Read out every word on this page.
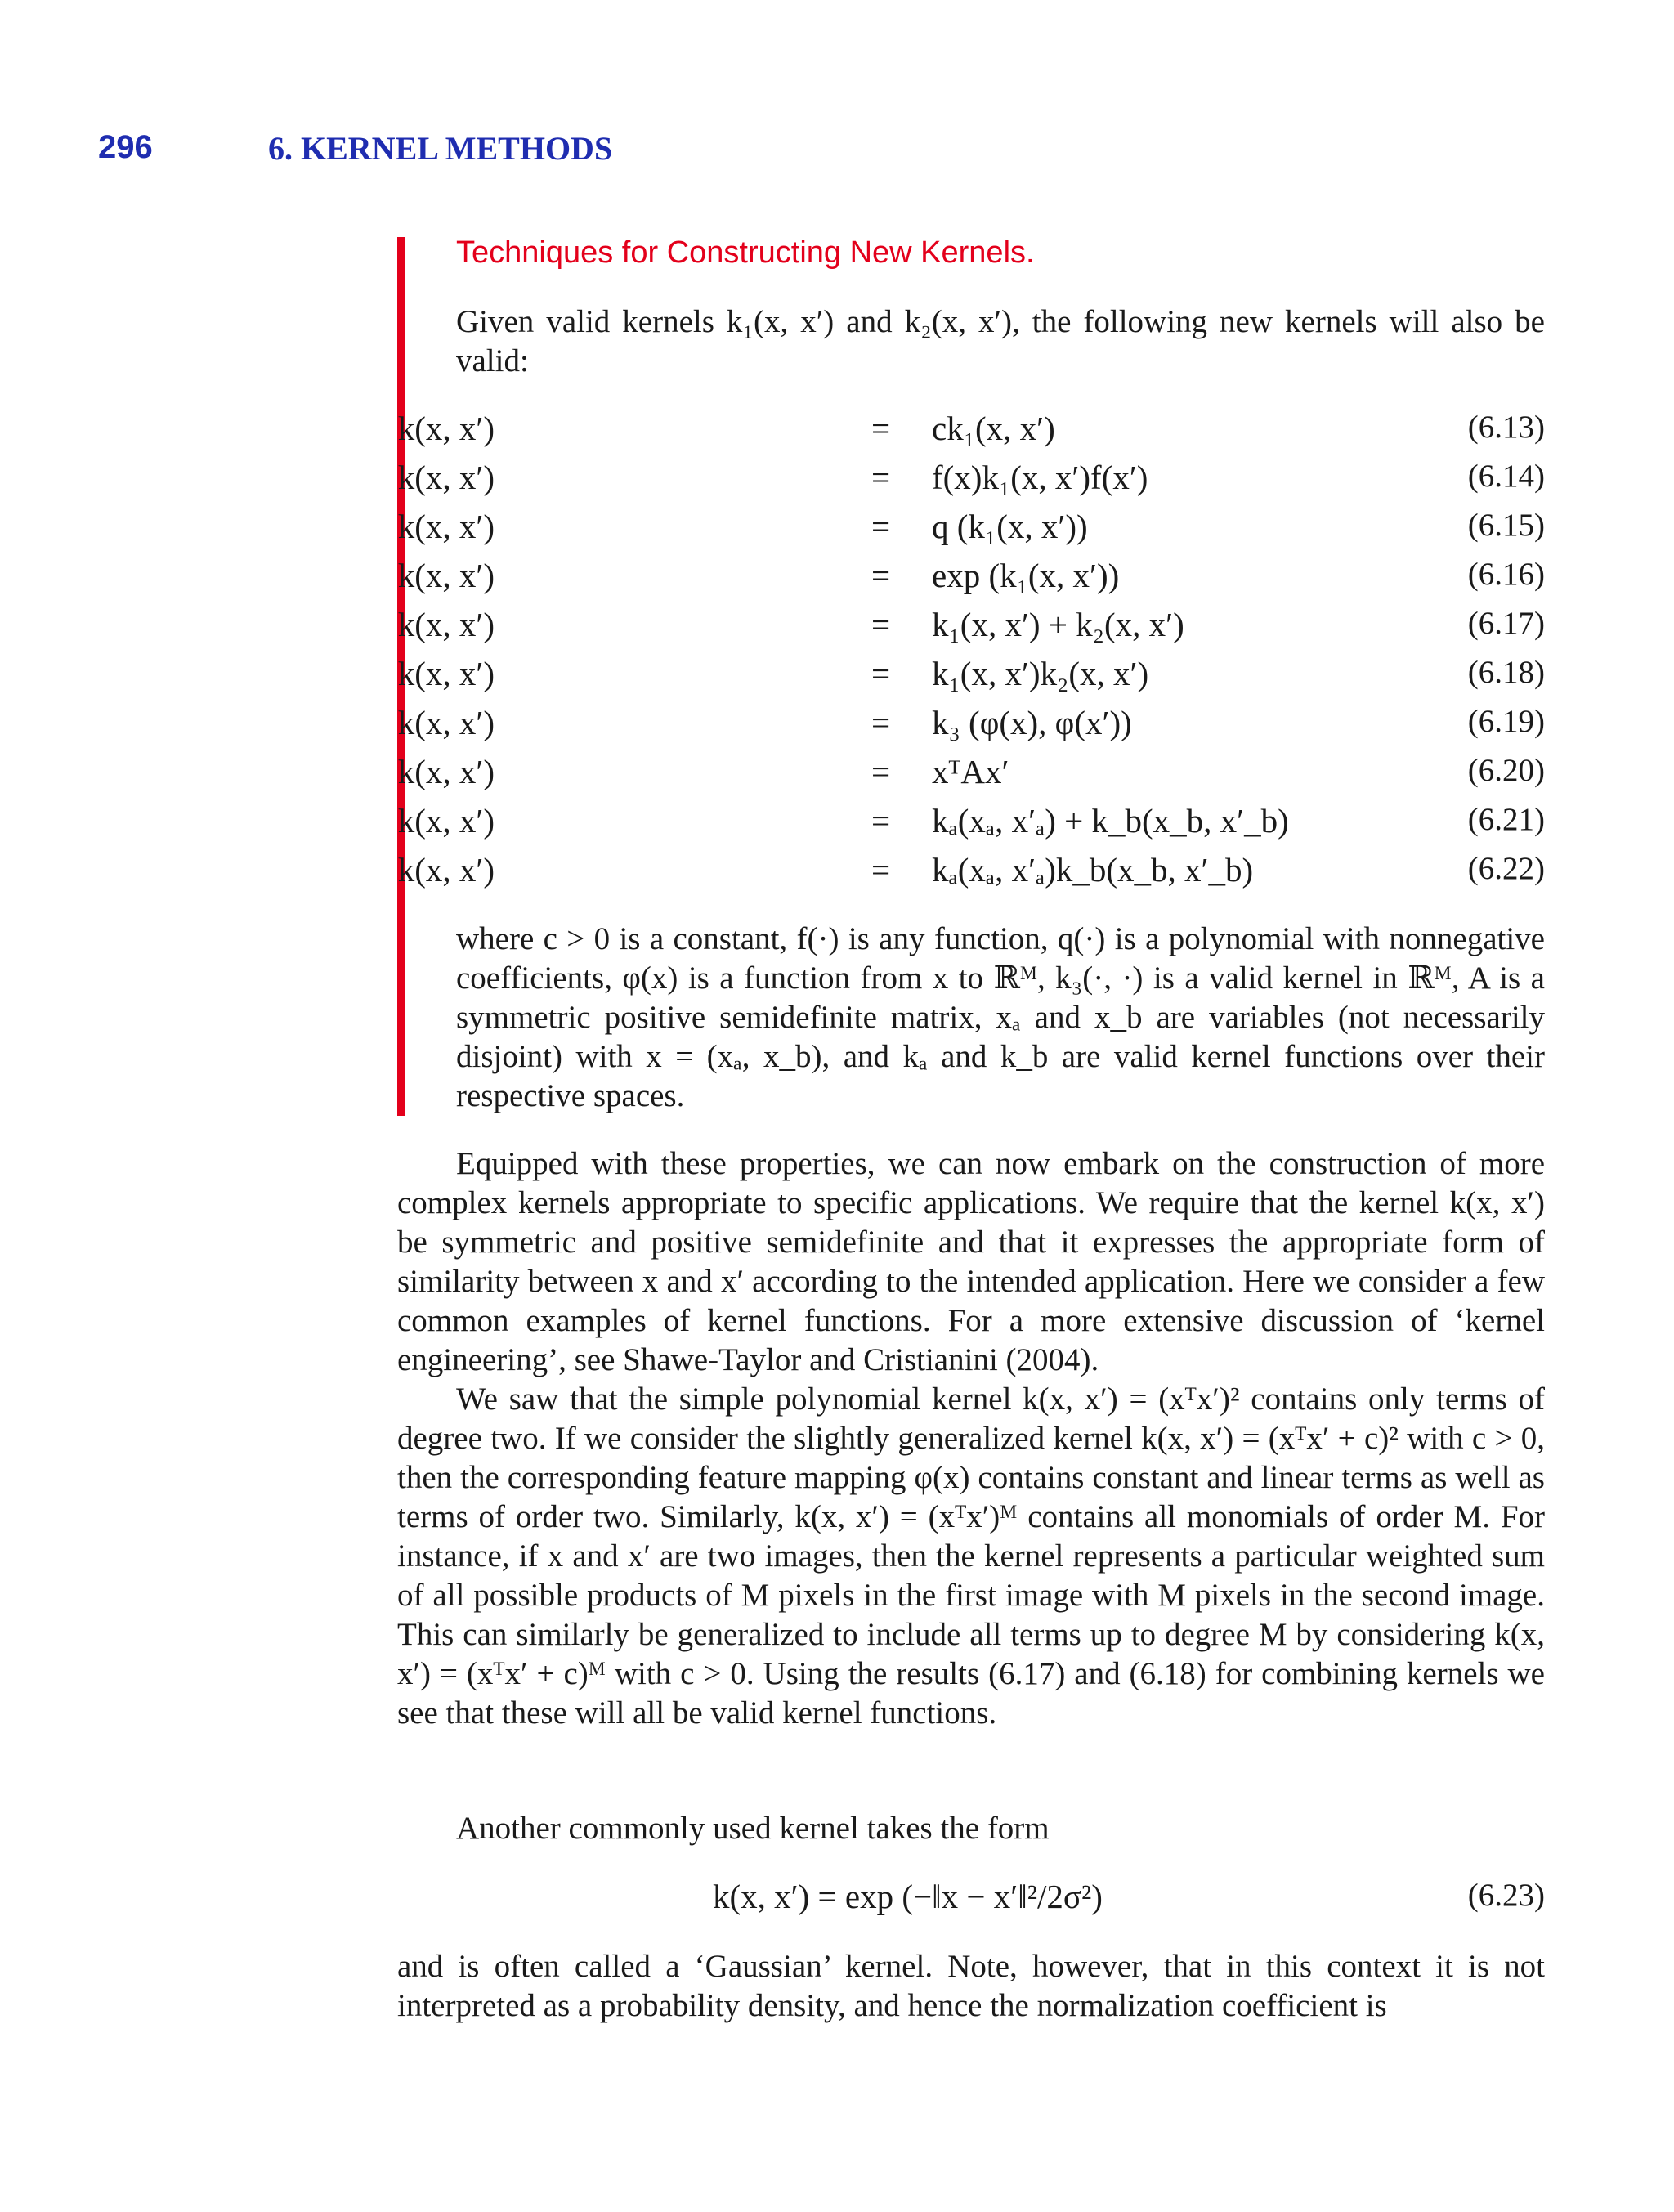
296	6. KERNEL METHODS
Techniques for Constructing New Kernels.
Given valid kernels k₁(x, x′) and k₂(x, x′), the following new kernels will also be valid:
k(x, x′)	= ck₁(x, x′)	(6.13)
k(x, x′)	= f(x)k₁(x, x′)f(x′)	(6.14)
k(x, x′)	= q (k₁(x, x′))	(6.15)
k(x, x′)	= exp (k₁(x, x′))	(6.16)
k(x, x′)	= k₁(x, x′) + k₂(x, x′)	(6.17)
k(x, x′)	= k₁(x, x′)k₂(x, x′)	(6.18)
k(x, x′)	= k₃ (φ(x), φ(x′))	(6.19)
k(x, x′)	= xᵀAx′	(6.20)
k(x, x′)	= kₐ(xₐ, x′ₐ) + k_b(x_b, x′_b)	(6.21)
k(x, x′)	= kₐ(xₐ, x′ₐ)k_b(x_b, x′_b)	(6.22)
where c > 0 is a constant, f(·) is any function, q(·) is a polynomial with nonnegative coefficients, φ(x) is a function from x to ℝᴹ, k₃(·, ·) is a valid kernel in ℝᴹ, A is a symmetric positive semidefinite matrix, xₐ and x_b are variables (not necessarily disjoint) with x = (xₐ, x_b), and kₐ and k_b are valid kernel functions over their respective spaces.
Equipped with these properties, we can now embark on the construction of more complex kernels appropriate to specific applications. We require that the kernel k(x, x′) be symmetric and positive semidefinite and that it expresses the appropriate form of similarity between x and x′ according to the intended application. Here we consider a few common examples of kernel functions. For a more extensive discussion of ‘kernel engineering’, see Shawe-Taylor and Cristianini (2004).
We saw that the simple polynomial kernel k(x, x′) = (xᵀx′)² contains only terms of degree two. If we consider the slightly generalized kernel k(x, x′) = (xᵀx′ + c)² with c > 0, then the corresponding feature mapping φ(x) contains constant and linear terms as well as terms of order two. Similarly, k(x, x′) = (xᵀx′)ᴹ contains all monomials of order M. For instance, if x and x′ are two images, then the kernel represents a particular weighted sum of all possible products of M pixels in the first image with M pixels in the second image. This can similarly be generalized to include all terms up to degree M by considering k(x, x′) = (xᵀx′ + c)ᴹ with c > 0. Using the results (6.17) and (6.18) for combining kernels we see that these will all be valid kernel functions.
Another commonly used kernel takes the form
k(x, x′) = exp (−‖x − x′‖²/2σ²)	(6.23)
and is often called a ‘Gaussian’ kernel. Note, however, that in this context it is not interpreted as a probability density, and hence the normalization coefficient is
